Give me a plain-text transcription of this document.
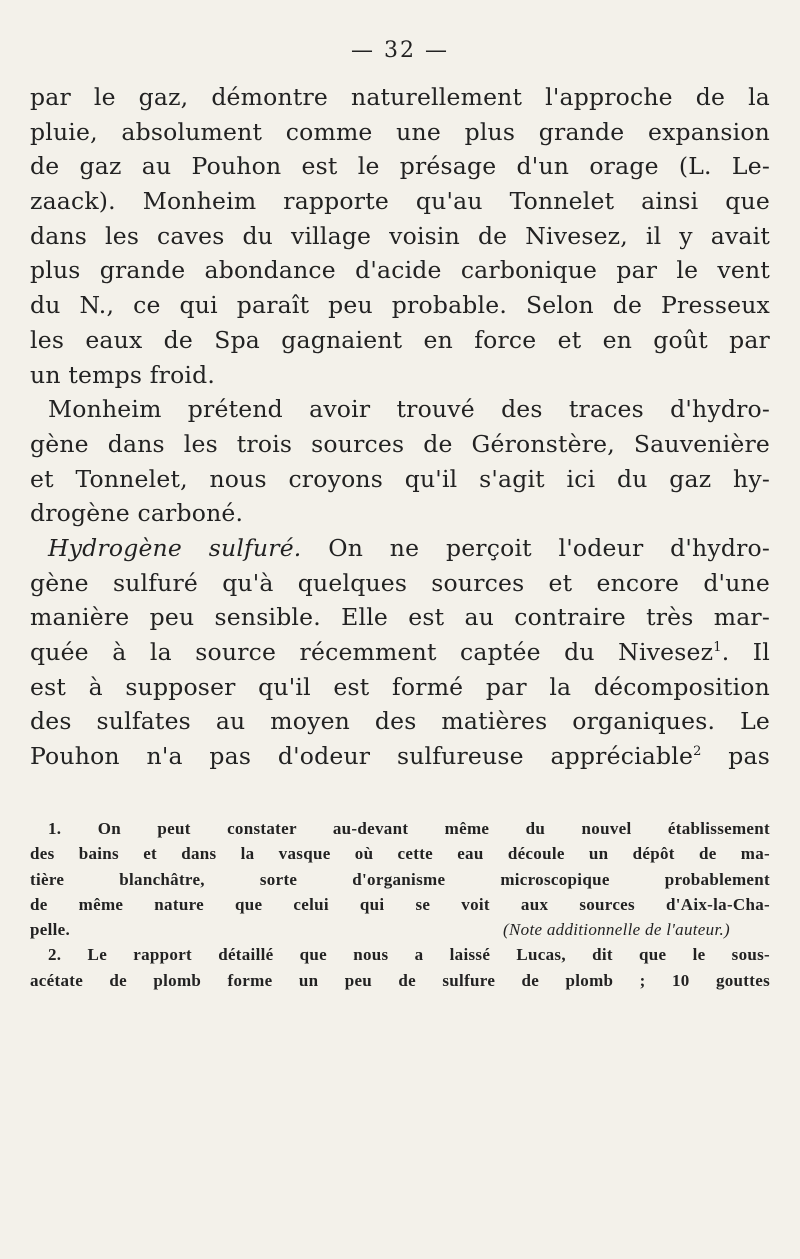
— 32 —
par le gaz, démontre naturellement l'approche de la
pluie, absolument comme une plus grande expansion
de gaz au Pouhon est le présage d'un orage (L. Le-
zaack). Monheim rapporte qu'au Tonnelet ainsi que
dans les caves du village voisin de Nivesez, il y avait
plus grande abondance d'acide carbonique par le vent
du N., ce qui paraît peu probable. Selon de Presseux
les eaux de Spa gagnaient en force et en goût par
un temps froid.
Monheim prétend avoir trouvé des traces d'hydro-
gène dans les trois sources de Géronstère, Sauvenière
et Tonnelet, nous croyons qu'il s'agit ici du gaz hy-
drogène carboné.
Hydrogène sulfuré. On ne perçoit l'odeur d'hydro-
gène sulfuré qu'à quelques sources et encore d'une
manière peu sensible. Elle est au contraire très mar-
quée à la source récemment captée du Nivesez$^1$. Il
est à supposer qu'il est formé par la décomposition
des sulfates au moyen des matières organiques. Le
Pouhon n'a pas d'odeur sulfureuse appréciable$^2$ pas
1. On peut constater au-devant même du nouvel établissement
des bains et dans la vasque où cette eau découle un dépôt de ma-
tière blanchâtre, sorte d'organisme microscopique probablement
de même nature que celui qui se voit aux sources d'Aix-la-Cha-
pelle.	(Note additionnelle de l'auteur.)
2. Le rapport détaillé que nous a laissé Lucas, dit que le sous-
acétate de plomb forme un peu de sulfure de plomb ; 10 gouttes
